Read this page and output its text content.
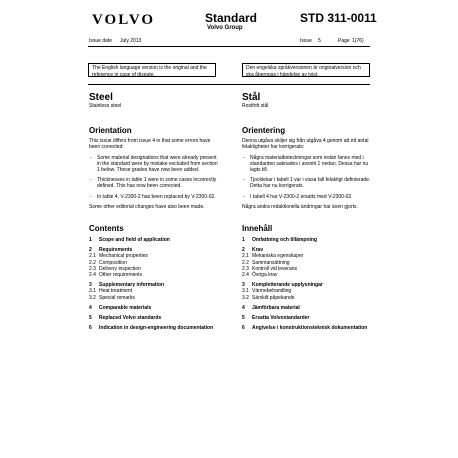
VOLVO	Standard
Volvo Group
STD 311-0011
Issue date July 2013	Issue 5	Page 1(76)
The English language version is the original and the reference in case of dispute.
Den engelska språkversionen är originalversion och ska åberopas i händelse av tvist.
Steel
Stainless steel
Orientation
This issue differs from issue 4 in that some errors have been corrected:
- Some material designations that were already present in the standard were by mistake excluded from section 1 below. These grades have now been added.
- Thicknesses in table 1 were in some cases incorrectly defined. This has now been corrected.
- In table 4, V-2300-2 has been replaced by V-2300-02.
Some other editorial changes have also been made.
Contents
1 Scope and field of application
2 Requirements
2.1 Mechanical properties
2.2 Composition
2.3 Delivery inspection
2.4 Other requirements
3 Supplementary information
3.1 Heat treatment
3.2 Special remarks
4 Comparable materials
5 Replaced Volvo standards
6 Indication in design-engineering documentation
Stål
Rostfritt stål
Orientering
Denna utgåva skiljer sig från utgåva 4 genom att ett antal felaktigheter har korrigerats:
- Några materialbeteckningar som redan fanns med i standarden saknades i avsnitt 1 nedan. Dessa har nu lagts till.
- Tjocklekar i tabell 1 var i vissa fall felaktigt definierade. Detta har nu korrigerats.
- I tabell 4 har V-2300-2 ersatts med V-2300-02.
Några andra redaktionella ändringar har även gjorts.
Innehåll
1 Omfattning och tillämpning
2 Krav
2.1 Mekaniska egenskaper
2.2 Sammansättning
2.3 Kontroll vid leverans
2.4 Övriga krav
3 Kompletterande upplysningar
3.1 Värmebehandling
3.2 Särskilt påpekande
4 Jämförbara material
5 Ersatta Volvostandarder
6 Angivelse i konstruktionsteknisk dokumentation
